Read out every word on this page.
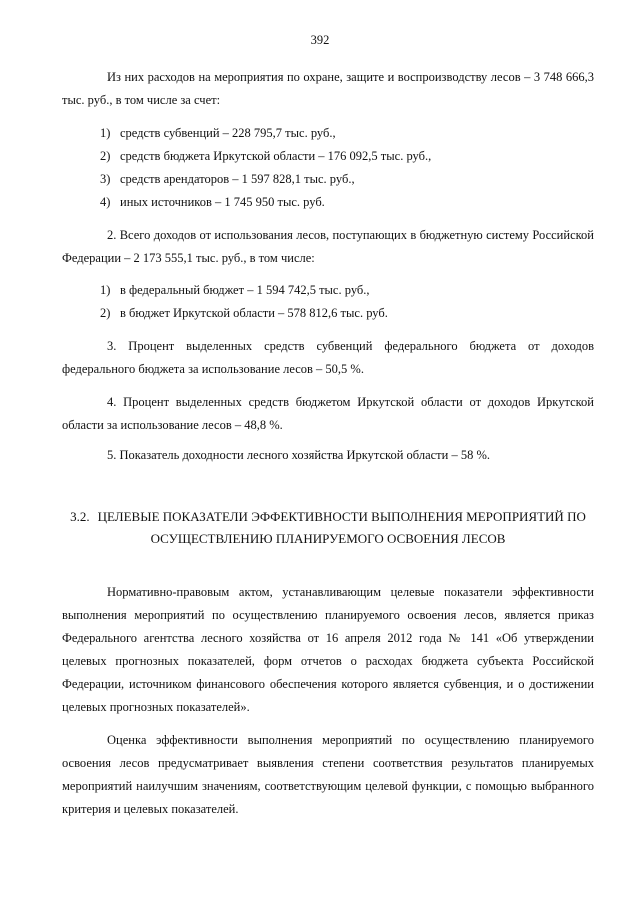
392

Из них расходов на мероприятия по охране, защите и воспроизводству лесов – 3 748 666,3 тыс. руб., в том числе за счет:

1) средств субвенций – 228 795,7 тыс. руб.,
2) средств бюджета Иркутской области – 176 092,5 тыс. руб.,
3) средств арендаторов – 1 597 828,1 тыс. руб.,
4) иных источников – 1 745 950 тыс. руб.

2. Всего доходов от использования лесов, поступающих в бюджетную систему Российской Федерации – 2 173 555,1 тыс. руб., в том числе:

1) в федеральный бюджет – 1 594 742,5 тыс. руб.,
2) в бюджет Иркутской области – 578 812,6 тыс. руб.

3. Процент выделенных средств субвенций федерального бюджета от доходов федерального бюджета за использование лесов – 50,5 %.

4. Процент выделенных средств бюджетом Иркутской области от доходов Иркутской области за использование лесов – 48,8 %.

5. Показатель доходности лесного хозяйства Иркутской области – 58 %.

3.2. ЦЕЛЕВЫЕ ПОКАЗАТЕЛИ ЭФФЕКТИВНОСТИ ВЫПОЛНЕНИЯ МЕРОПРИЯТИЙ ПО ОСУЩЕСТВЛЕНИЮ ПЛАНИРУЕМОГО ОСВОЕНИЯ ЛЕСОВ

Нормативно-правовым актом, устанавливающим целевые показатели эффективности выполнения мероприятий по осуществлению планируемого освоения лесов, является приказ Федерального агентства лесного хозяйства от 16 апреля 2012 года № 141 «Об утверждении целевых прогнозных показателей, форм отчетов о расходах бюджета субъекта Российской Федерации, источником финансового обеспечения которого является субвенция, и о достижении целевых прогнозных показателей».

Оценка эффективности выполнения мероприятий по осуществлению планируемого освоения лесов предусматривает выявления степени соответствия результатов планируемых мероприятий наилучшим значениям, соответствующим целевой функции, с помощью выбранного критерия и целевых показателей.
